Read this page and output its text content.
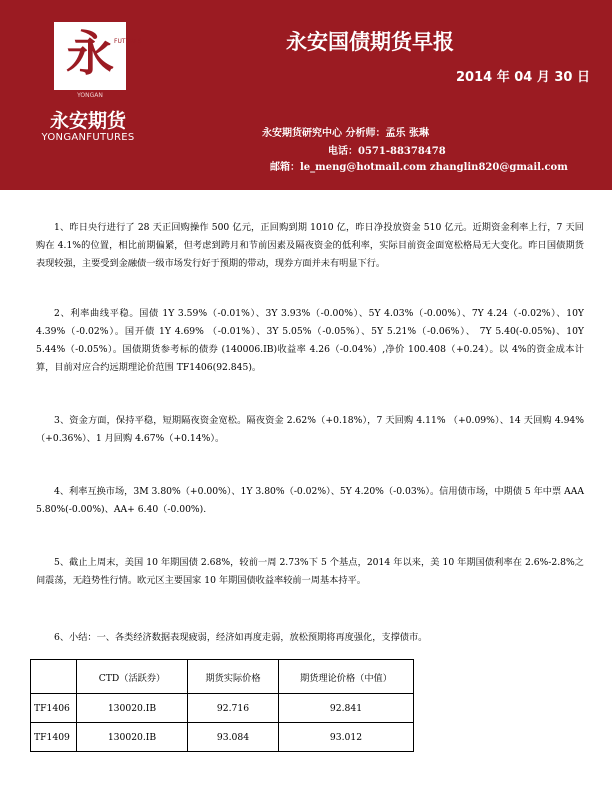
永 FUTURES
YONGAN
永安期货
YONGANFUTURES
永安国债期货早报
2014 年 04 月 30 日
永安期货研究中心 分析师：孟乐 张琳
电话：0571-88378478
邮箱：le_meng@hotmail.com zhanglin820@gmail.com

1、昨日央行进行了 28 天正回购操作 500 亿元，正回购到期 1010 亿，昨日净投放资金 510 亿元。近期资金利率上行，7 天回购在 4.1%的位置，相比前期偏紧，但考虑到跨月和节前因素及隔夜资金的低利率，实际目前资金面宽松格局无大变化。昨日国债期货表现较强，主要受到金融债一级市场发行好于预期的带动，现券方面并未有明显下行。

2、利率曲线平稳。国债 1Y 3.59%（-0.01%）、3Y 3.93%（-0.00%）、5Y 4.03%（-0.00%）、7Y 4.24（-0.02%）、10Y 4.39%（-0.02%）。国开债 1Y 4.69% （-0.01%）、3Y 5.05%（-0.05%）、5Y 5.21%（-0.06%）、 7Y 5.40(-0.05%)、10Y 5.44%（-0.05%）。国债期货参考标的债券 (140006.IB)收益率 4.26（-0.04%）,净价 100.408（+0.24）。以 4%的资金成本计算，目前对应合约远期理论价范围 TF1406(92.845)。

3、资金方面，保持平稳，短期隔夜资金宽松。隔夜资金 2.62%（+0.18%），7 天回购 4.11% （+0.09%）、14 天回购 4.94%（+0.36%）、1 月回购 4.67%（+0.14%）。

4、利率互换市场，3M 3.80%（+0.00%）、1Y 3.80%（-0.02%）、5Y 4.20%（-0.03%）。信用债市场，中期债 5 年中票 AAA 5.80%(-0.00%)、AA+ 6.40（-0.00%).

5、截止上周末，美国 10 年期国债 2.68%，较前一周 2.73%下 5 个基点，2014 年以来，美 10 年期国债利率在 2.6%-2.8%之间震荡，无趋势性行情。欧元区主要国家 10 年期国债收益率较前一周基本持平。

6、小结：一、各类经济数据表现疲弱，经济如再度走弱，放松预期将再度强化，支撑债市。

	CTD（活跃券）	期货实际价格	期货理论价格（中值）
TF1406	130020.IB	92.716	92.841
TF1409	130020.IB	93.084	93.012
